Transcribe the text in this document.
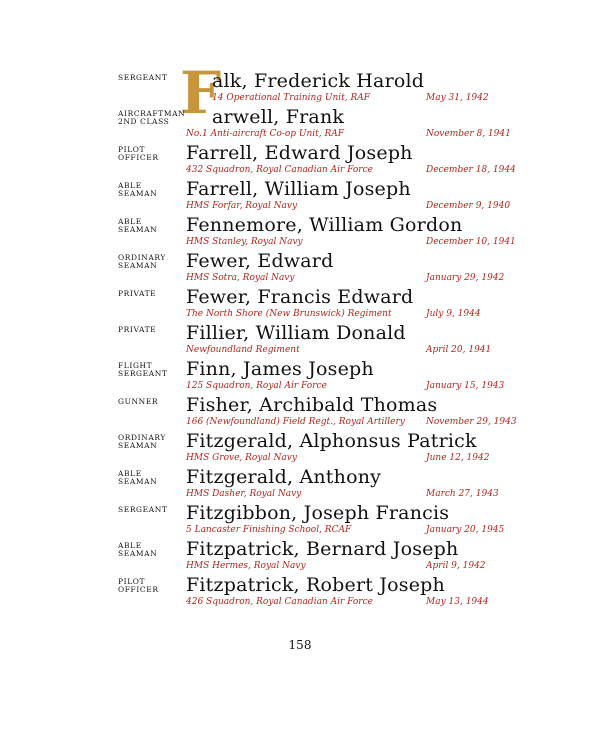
F
SERGEANT	alk, Frederick Harold
14 Operational Training Unit, RAF	May 31, 1942
AIRCRAFTMAN 2ND CLASS	arwell, Frank
No.1 Anti-aircraft Co-op Unit, RAF	November 8, 1941
PILOT OFFICER	Farrell, Edward Joseph
432 Squadron, Royal Canadian Air Force	December 18, 1944
ABLE SEAMAN	Farrell, William Joseph
HMS Forfar, Royal Navy	December 9, 1940
ABLE SEAMAN	Fennemore, William Gordon
HMS Stanley, Royal Navy	December 10, 1941
ORDINARY SEAMAN	Fewer, Edward
HMS Sotra, Royal Navy	January 29, 1942
PRIVATE	Fewer, Francis Edward
The North Shore (New Brunswick) Regiment	July 9, 1944
PRIVATE	Fillier, William Donald
Newfoundland Regiment	April 20, 1941
FLIGHT SERGEANT Finn, James Joseph
125 Squadron, Royal Air Force	January 15, 1943
GUNNER	Fisher, Archibald Thomas
166 (Newfoundland) Field Regt., Royal Artillery November 29, 1943
ORDINARY SEAMAN	Fitzgerald, Alphonsus Patrick
HMS Grove, Royal Navy	June 12, 1942
ABLE SEAMAN	Fitzgerald, Anthony
HMS Dasher, Royal Navy	March 27, 1943
SERGEANT Fitzgibbon, Joseph Francis
5 Lancaster Finishing School, RCAF	January 20, 1945
ABLE SEAMAN	Fitzpatrick, Bernard Joseph
HMS Hermes, Royal Navy	April 9, 1942
PILOT OFFICER	Fitzpatrick, Robert Joseph
426 Squadron, Royal Canadian Air Force	May 13, 1944
158
